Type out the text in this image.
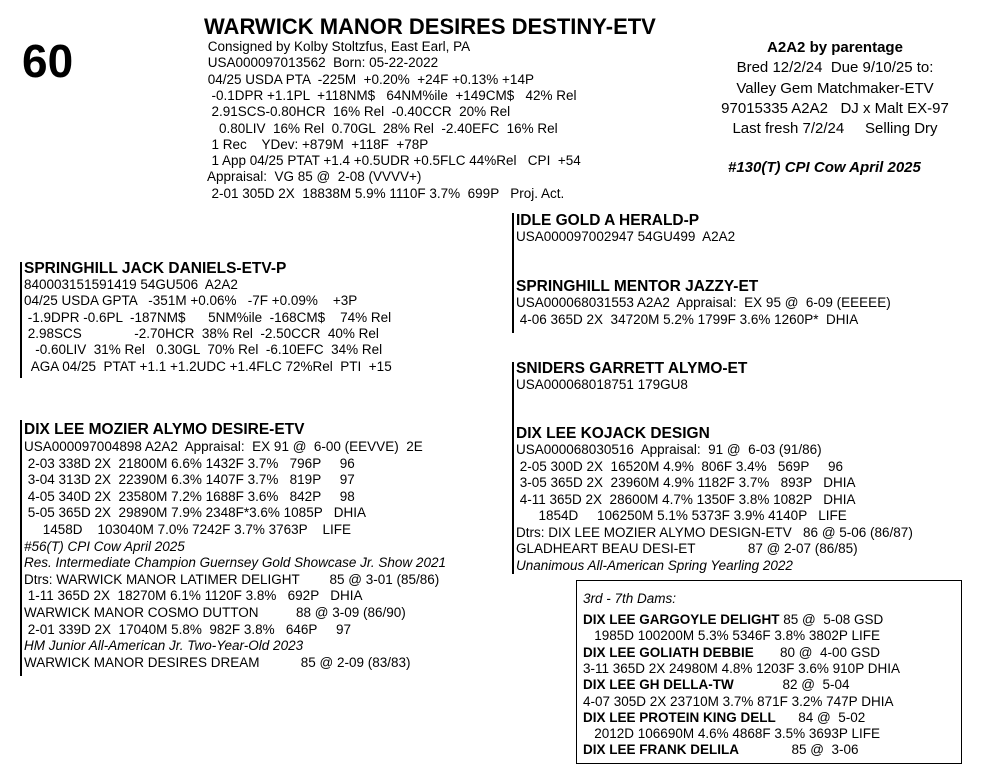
60
WARWICK MANOR DESIRES DESTINY-ETV
Consigned by Kolby Stoltzfus, East Earl, PA
USA000097013562  Born: 05-22-2022
04/25 USDA PTA  -225M  +0.20%  +24F +0.13% +14P
-0.1DPR +1.1PL  +118NM$   64NM%ile  +149CM$   42% Rel
2.91SCS-0.80HCR  16% Rel  -0.40CCR  20% Rel
0.80LIV  16% Rel  0.70GL  28% Rel  -2.40EFC  16% Rel
1 Rec    YDev: +879M  +118F  +78P
1 App 04/25 PTAT +1.4 +0.5UDR +0.5FLC 44%Rel   CPI  +54
Appraisal:  VG 85 @  2-08 (VVVV+)
2-01 305D 2X  18838M 5.9% 1110F 3.7%  699P   Proj. Act.
A2A2 by parentage
Bred 12/2/24  Due 9/10/25 to:
Valley Gem Matchmaker-ETV
97015335 A2A2   DJ x Malt EX-97
Last fresh 7/2/24     Selling Dry
#130(T) CPI Cow April 2025
SPRINGHILL JACK DANIELS-ETV-P
840003151591419 54GU506  A2A2
04/25 USDA GPTA   -351M +0.06%   -7F +0.09%    +3P
-1.9DPR -0.6PL  -187NM$      5NM%ile  -168CM$    74% Rel
2.98SCS              -2.70HCR  38% Rel  -2.50CCR  40% Rel
-0.60LIV  31% Rel   0.30GL  70% Rel  -6.10EFC  34% Rel
AGA 04/25  PTAT +1.1 +1.2UDC +1.4FLC 72%Rel  PTI  +15
IDLE GOLD A HERALD-P
USA000097002947 54GU499  A2A2
SPRINGHILL MENTOR JAZZY-ET
USA000068031553 A2A2  Appraisal:  EX 95 @  6-09 (EEEEE)
4-06 365D 2X  34720M 5.2% 1799F 3.6% 1260P*  DHIA
DIX LEE MOZIER ALYMO DESIRE-ETV
USA000097004898 A2A2  Appraisal:  EX 91 @  6-00 (EEVVE)  2E
2-03 338D 2X  21800M 6.6% 1432F 3.7%   796P     96
3-04 313D 2X  22390M 6.3% 1407F 3.7%   819P     97
4-05 340D 2X  23580M 7.2% 1688F 3.6%   842P     98
5-05 365D 2X  29890M 7.9% 2348F*3.6% 1085P   DHIA
1458D    103040M 7.0% 7242F 3.7% 3763P    LIFE
#56(T) CPI Cow April 2025
Res. Intermediate Champion Guernsey Gold Showcase Jr. Show 2021
Dtrs: WARWICK MANOR LATIMER DELIGHT        85 @ 3-01 (85/86)
1-11 365D 2X  18270M 6.1% 1120F 3.8%   692P   DHIA
WARWICK MANOR COSMO DUTTON          88 @ 3-09 (86/90)
2-01 339D 2X  17040M 5.8%  982F 3.8%   646P     97
HM Junior All-American Jr. Two-Year-Old 2023
WARWICK MANOR DESIRES DREAM           85 @ 2-09 (83/83)
SNIDERS GARRETT ALYMO-ET
USA000068018751 179GU8
DIX LEE KOJACK DESIGN
USA000068030516  Appraisal:  91 @  6-03 (91/86)
2-05 300D 2X  16520M 4.9%  806F 3.4%   569P     96
3-05 365D 2X  23960M 4.9% 1182F 3.7%   893P   DHIA
4-11 365D 2X  28600M 4.7% 1350F 3.8% 1082P   DHIA
1854D     106250M 5.1% 5373F 3.9% 4140P   LIFE
Dtrs: DIX LEE MOZIER ALYMO DESIGN-ETV   86 @ 5-06 (86/87)
GLADHEART BEAU DESI-ET              87 @ 2-07 (86/85)
Unanimous All-American Spring Yearling 2022
3rd - 7th Dams:
DIX LEE GARGOYLE DELIGHT 85 @  5-08 GSD
1985D 100200M 5.3% 5346F 3.8% 3802P LIFE
DIX LEE GOLIATH DEBBIE       80 @  4-00 GSD
3-11 365D 2X 24980M 4.8% 1203F 3.6% 910P DHIA
DIX LEE GH DELLA-TW             82 @  5-04
4-07 305D 2X 23710M 3.7% 871F 3.2% 747P DHIA
DIX LEE PROTEIN KING DELL      84 @  5-02
2012D 106690M 4.6% 4868F 3.5% 3693P LIFE
DIX LEE FRANK DELILA              85 @  3-06
